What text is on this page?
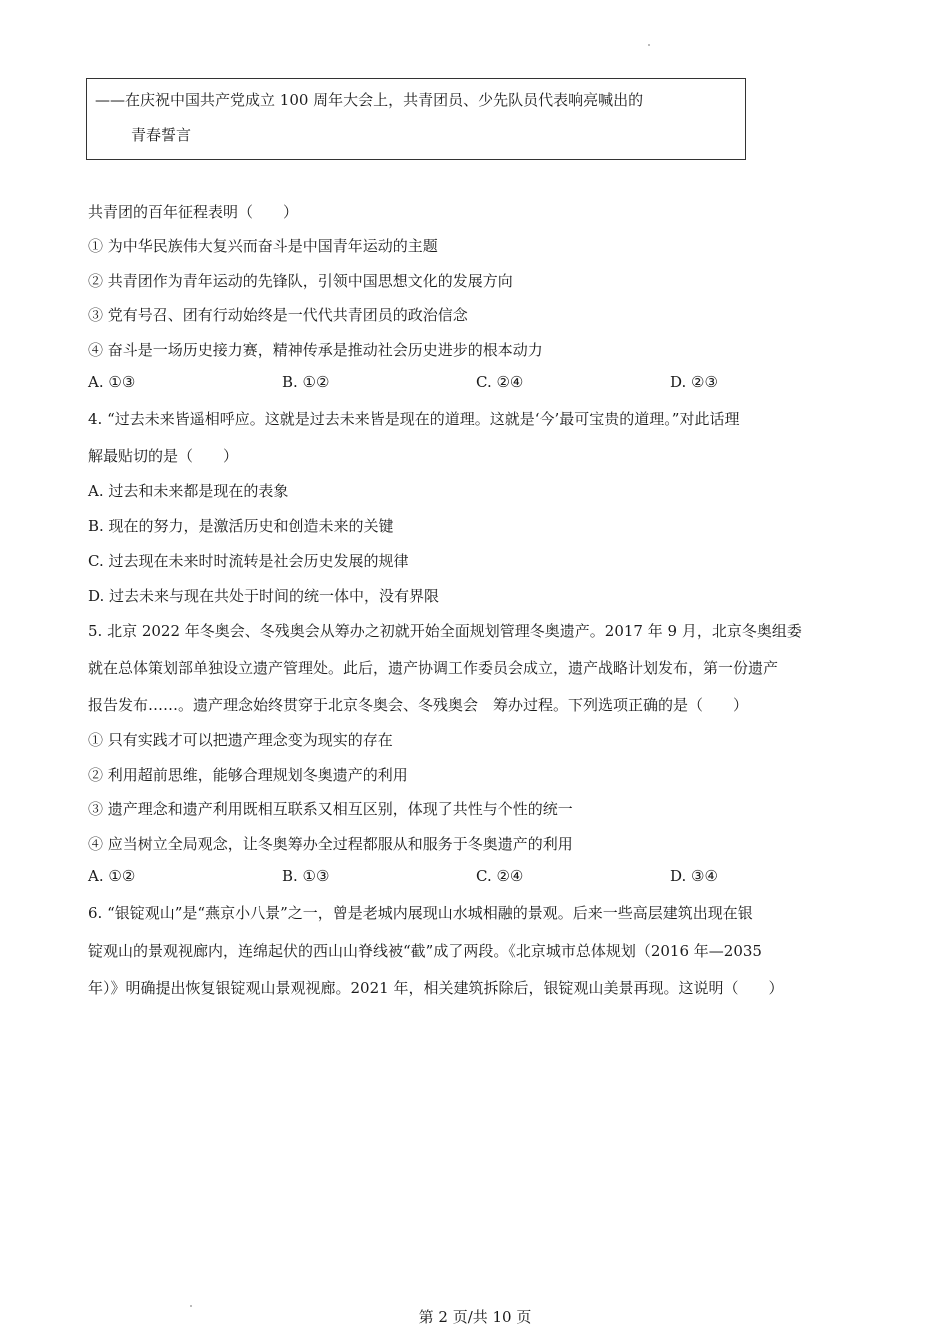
——在庆祝中国共产党成立 100 周年大会上，共青团员、少先队员代表响亮喊出的
青春誓言
共青团的百年征程表明（　　）
① 为中华民族伟大复兴而奋斗是中国青年运动的主题
② 共青团作为青年运动的先锋队，引领中国思想文化的发展方向
③ 党有号召、团有行动始终是一代代共青团员的政治信念
④ 奋斗是一场历史接力赛，精神传承是推动社会历史进步的根本动力
A. ①③	B. ①②	C. ②④	D. ②③
4. “过去未来皆遥相呼应。这就是过去未来皆是现在的道理。这就是‘今’最可宝贵的道理。”对此话理
解最贴切的是（　　）
A. 过去和未来都是现在的表象
B. 现在的努力，是激活历史和创造未来的关键
C. 过去现在未来时时流转是社会历史发展的规律
D. 过去未来与现在共处于时间的统一体中，没有界限
5. 北京 2022 年冬奥会、冬残奥会从筹办之初就开始全面规划管理冬奥遗产。2017 年 9 月，北京冬奥组委
就在总体策划部单独设立遗产管理处。此后，遗产协调工作委员会成立，遗产战略计划发布，第一份遗产
报告发布……。遗产理念始终贯穿于北京冬奥会、冬残奥会　筹办过程。下列选项正确的是（　　）
① 只有实践才可以把遗产理念变为现实的存在
② 利用超前思维，能够合理规划冬奥遗产的利用
③ 遗产理念和遗产利用既相互联系又相互区别，体现了共性与个性的统一
④ 应当树立全局观念，让冬奥筹办全过程都服从和服务于冬奥遗产的利用
A. ①②	B. ①③	C. ②④	D. ③④
6. “银锭观山”是“燕京小八景”之一，曾是老城内展现山水城相融的景观。后来一些高层建筑出现在银
锭观山的景观视廊内，连绵起伏的西山山脊线被“截”成了两段。《北京城市总体规划（2016 年—2035
年）》明确提出恢复银锭观山景观视廊。2021 年，相关建筑拆除后，银锭观山美景再现。这说明（　　）
第 2 页/共 10 页
